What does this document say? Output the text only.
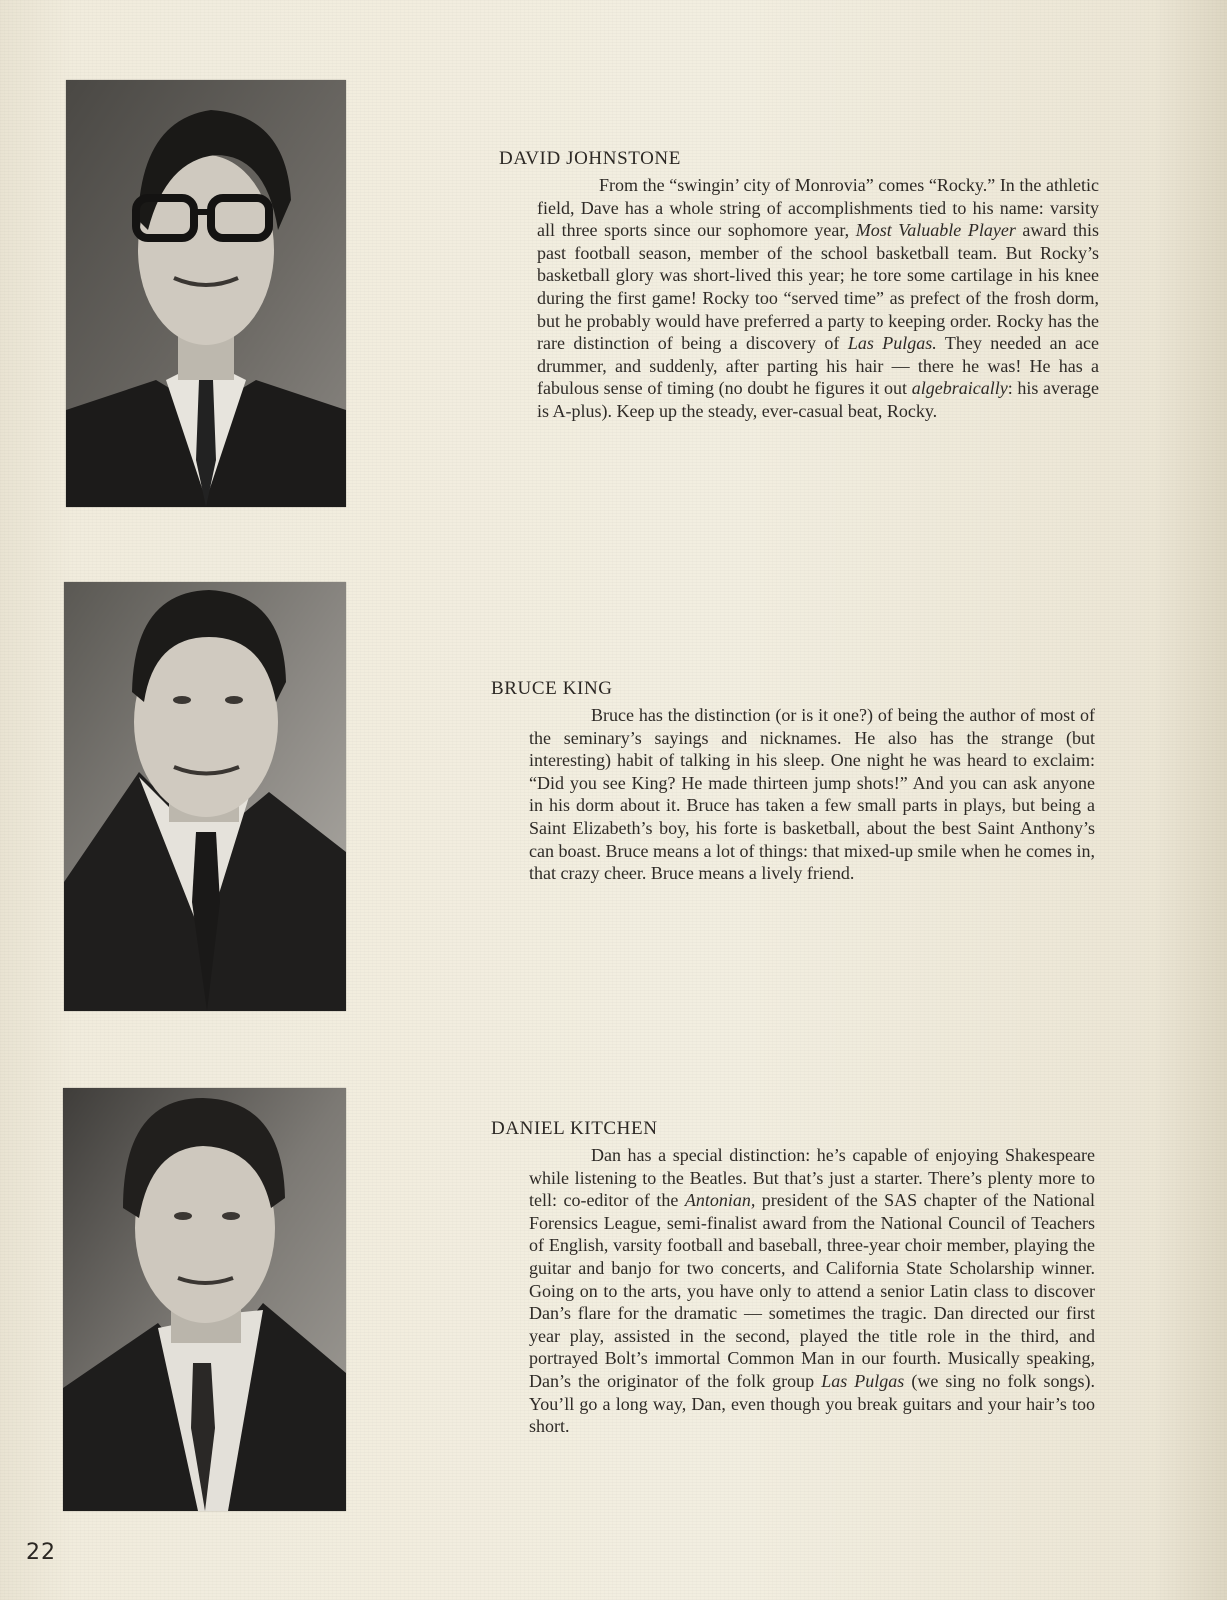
DAVID JOHNSTONE

From the “swingin’ city of Monrovia” comes “Rocky.” In the athletic field, Dave has a whole string of accomplishments tied to his name: varsity all three sports since our sophomore year, Most Valuable Player award this past football season, member of the school basketball team. But Rocky’s basketball glory was short-lived this year; he tore some cartilage in his knee during the first game! Rocky too “served time” as prefect of the frosh dorm, but he probably would have preferred a party to keeping order. Rocky has the rare distinction of being a discovery of Las Pulgas. They needed an ace drummer, and suddenly, after parting his hair — there he was! He has a fabulous sense of timing (no doubt he figures it out algebraically: his average is A-plus). Keep up the steady, ever-casual beat, Rocky.

BRUCE KING

Bruce has the distinction (or is it one?) of being the author of most of the seminary’s sayings and nicknames. He also has the strange (but interesting) habit of talking in his sleep. One night he was heard to exclaim: “Did you see King? He made thirteen jump shots!” And you can ask anyone in his dorm about it. Bruce has taken a few small parts in plays, but being a Saint Elizabeth’s boy, his forte is basketball, about the best Saint Anthony’s can boast. Bruce means a lot of things: that mixed-up smile when he comes in, that crazy cheer. Bruce means a lively friend.

DANIEL KITCHEN

Dan has a special distinction: he’s capable of enjoying Shakespeare while listening to the Beatles. But that’s just a starter. There’s plenty more to tell: co-editor of the Antonian, president of the SAS chapter of the National Forensics League, semi-finalist award from the National Council of Teachers of English, varsity football and baseball, three-year choir member, playing the guitar and banjo for two concerts, and California State Scholarship winner. Going on to the arts, you have only to attend a senior Latin class to discover Dan’s flare for the dramatic — sometimes the tragic. Dan directed our first year play, assisted in the second, played the title role in the third, and portrayed Bolt’s immortal Common Man in our fourth. Musically speaking, Dan’s the originator of the folk group Las Pulgas (we sing no folk songs). You’ll go a long way, Dan, even though you break guitars and your hair’s too short.

22
